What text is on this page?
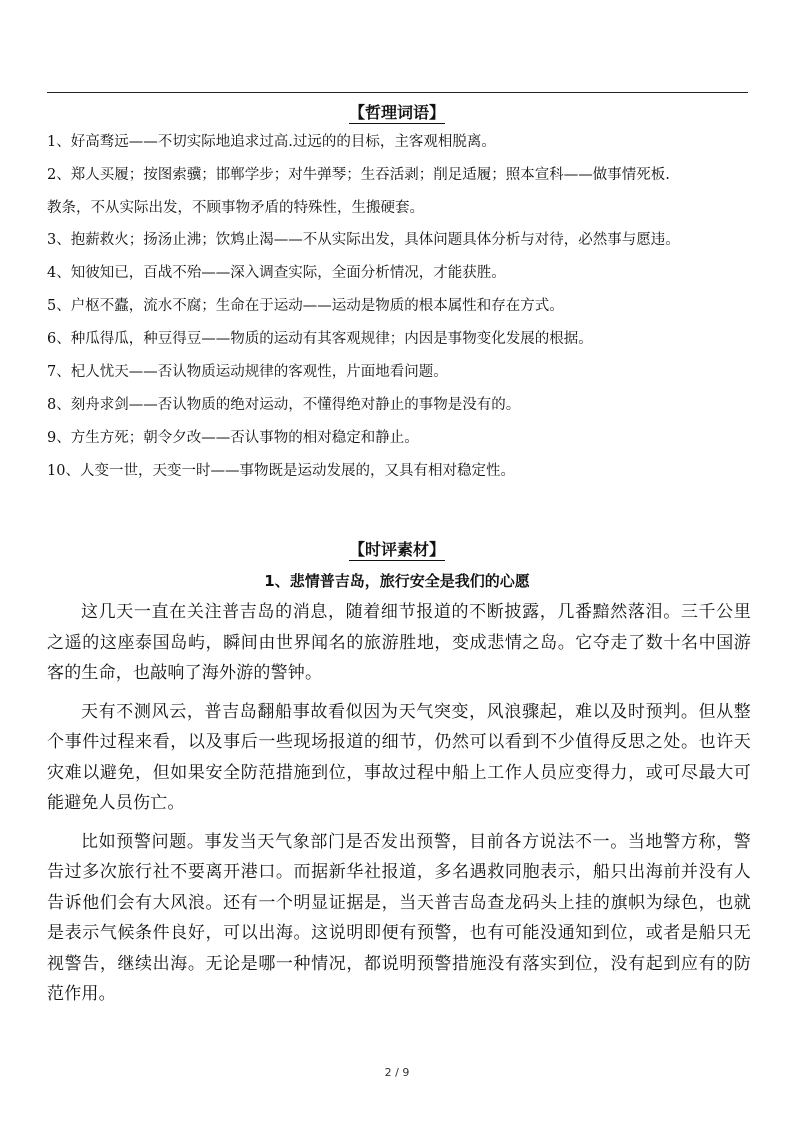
【哲理词语】
1、好高骛远——不切实际地追求过高.过远的的目标，主客观相脱离。
2、郑人买履；按图索骥；邯郸学步；对牛弹琴；生吞活剥；削足适履；照本宣科——做事情死板.
教条，不从实际出发，不顾事物矛盾的特殊性，生搬硬套。
3、抱薪救火；扬汤止沸；饮鸩止渴——不从实际出发，具体问题具体分析与对待，必然事与愿违。
4、知彼知已，百战不殆——深入调查实际，全面分析情况，才能获胜。
5、户枢不蠹，流水不腐；生命在于运动——运动是物质的根本属性和存在方式。
6、种瓜得瓜，种豆得豆——物质的运动有其客观规律；内因是事物变化发展的根据。
7、杞人忧天——否认物质运动规律的客观性，片面地看问题。
8、刻舟求剑——否认物质的绝对运动，不懂得绝对静止的事物是没有的。
9、方生方死；朝令夕改——否认事物的相对稳定和静止。
10、人变一世，天变一时——事物既是运动发展的，又具有相对稳定性。
【时评素材】
1、悲情普吉岛，旅行安全是我们的心愿

这几天一直在关注普吉岛的消息，随着细节报道的不断披露，几番黯然落泪。三千公里之遥的这座泰国岛屿，瞬间由世界闻名的旅游胜地，变成悲情之岛。它夺走了数十名中国游客的生命，也敲响了海外游的警钟。

天有不测风云，普吉岛翻船事故看似因为天气突变，风浪骤起，难以及时预判。但从整个事件过程来看，以及事后一些现场报道的细节，仍然可以看到不少值得反思之处。也许天灾难以避免，但如果安全防范措施到位，事故过程中船上工作人员应变得力，或可尽最大可能避免人员伤亡。

比如预警问题。事发当天气象部门是否发出预警，目前各方说法不一。当地警方称，警告过多次旅行社不要离开港口。而据新华社报道，多名遇救同胞表示，船只出海前并没有人告诉他们会有大风浪。还有一个明显证据是，当天普吉岛查龙码头上挂的旗帜为绿色，也就是表示气候条件良好，可以出海。这说明即便有预警，也有可能没通知到位，或者是船只无视警告，继续出海。无论是哪一种情况，都说明预警措施没有落实到位，没有起到应有的防范作用。

2 / 9
